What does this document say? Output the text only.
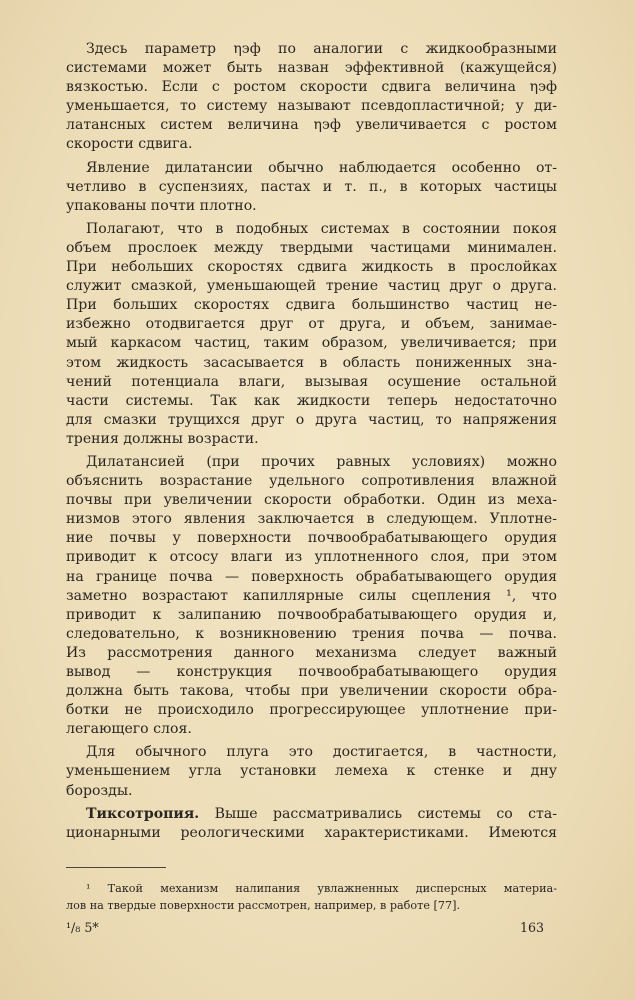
Здесь параметр ηэф по аналогии с жидкообразными
системами может быть назван эффективной (кажущейся)
вязкостью. Если с ростом скорости сдвига величина ηэф
уменьшается, то систему называют псевдопластичной; у ди-
латансных систем величина ηэф увеличивается с ростом
скорости сдвига.
Явление дилатансии обычно наблюдается особенно от-
четливо в суспензиях, пастах и т. п., в которых частицы
упакованы почти плотно.
Полагают, что в подобных системах в состоянии покоя
объем прослоек между твердыми частицами минимален.
При небольших скоростях сдвига жидкость в прослойках
служит смазкой, уменьшающей трение частиц друг о друга.
При больших скоростях сдвига большинство частиц не-
избежно отодвигается друг от друга, и объем, занимае-
мый каркасом частиц, таким образом, увеличивается; при
этом жидкость засасывается в область пониженных зна-
чений потенциала влаги, вызывая осушение остальной
части системы. Так как жидкости теперь недостаточно
для смазки трущихся друг о друга частиц, то напряжения
трения должны возрасти.
Дилатансией (при прочих равных условиях) можно
объяснить возрастание удельного сопротивления влажной
почвы при увеличении скорости обработки. Один из меха-
низмов этого явления заключается в следующем. Уплотне-
ние почвы у поверхности почвообрабатывающего орудия
приводит к отсосу влаги из уплотненного слоя, при этом
на границе почва — поверхность обрабатывающего орудия
заметно возрастают капиллярные силы сцепления ¹, что
приводит к залипанию почвообрабатывающего орудия и,
следовательно, к возникновению трения почва — почва.
Из рассмотрения данного механизма следует важный
вывод — конструкция почвообрабатывающего орудия
должна быть такова, чтобы при увеличении скорости обра-
ботки не происходило прогрессирующее уплотнение при-
легающего слоя.
Для обычного плуга это достигается, в частности,
уменьшением угла установки лемеха к стенке и дну
борозды.
Тиксотропия. Выше рассматривались системы со ста-
ционарными реологическими характеристиками. Имеются
¹ Такой механизм налипания увлажненных дисперсных материа-
лов на твердые поверхности рассмотрен, например, в работе [77].
¹/₈ 5*	163
